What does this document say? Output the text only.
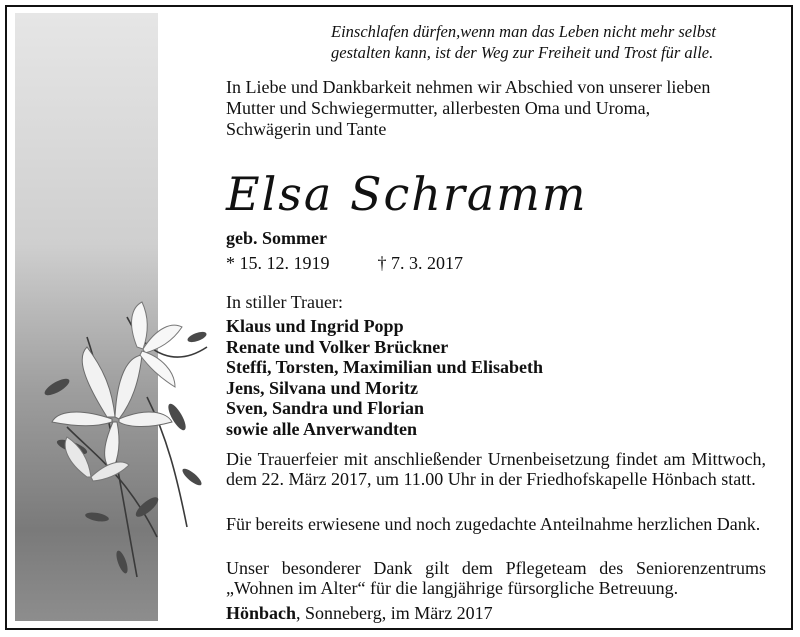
Einschlafen dürfen,wenn man das Leben nicht mehr selbst
gestalten kann, ist der Weg zur Freiheit und Trost für alle.
In Liebe und Dankbarkeit nehmen wir Abschied von unserer lieben
Mutter und Schwiegermutter, allerbesten Oma und Uroma,
Schwägerin und Tante
Elsa Schramm
geb. Sommer
* 15. 12. 1919	† 7. 3. 2017
In stiller Trauer:
Klaus und Ingrid Popp
Renate und Volker Brückner
Steffi, Torsten, Maximilian und Elisabeth
Jens, Silvana und Moritz
Sven, Sandra und Florian
sowie alle Anverwandten
Die Trauerfeier mit anschließender Urnenbeisetzung findet am Mittwoch, dem 22. März 2017, um 11.00 Uhr in der Friedhofskapelle Hönbach statt.
Für bereits erwiesene und noch zugedachte Anteilnahme herzlichen Dank.
Unser besonderer Dank gilt dem Pflegeteam des Seniorenzentrums „Wohnen im Alter“ für die langjährige fürsorgliche Betreuung.
Hönbach, Sonneberg, im März 2017
